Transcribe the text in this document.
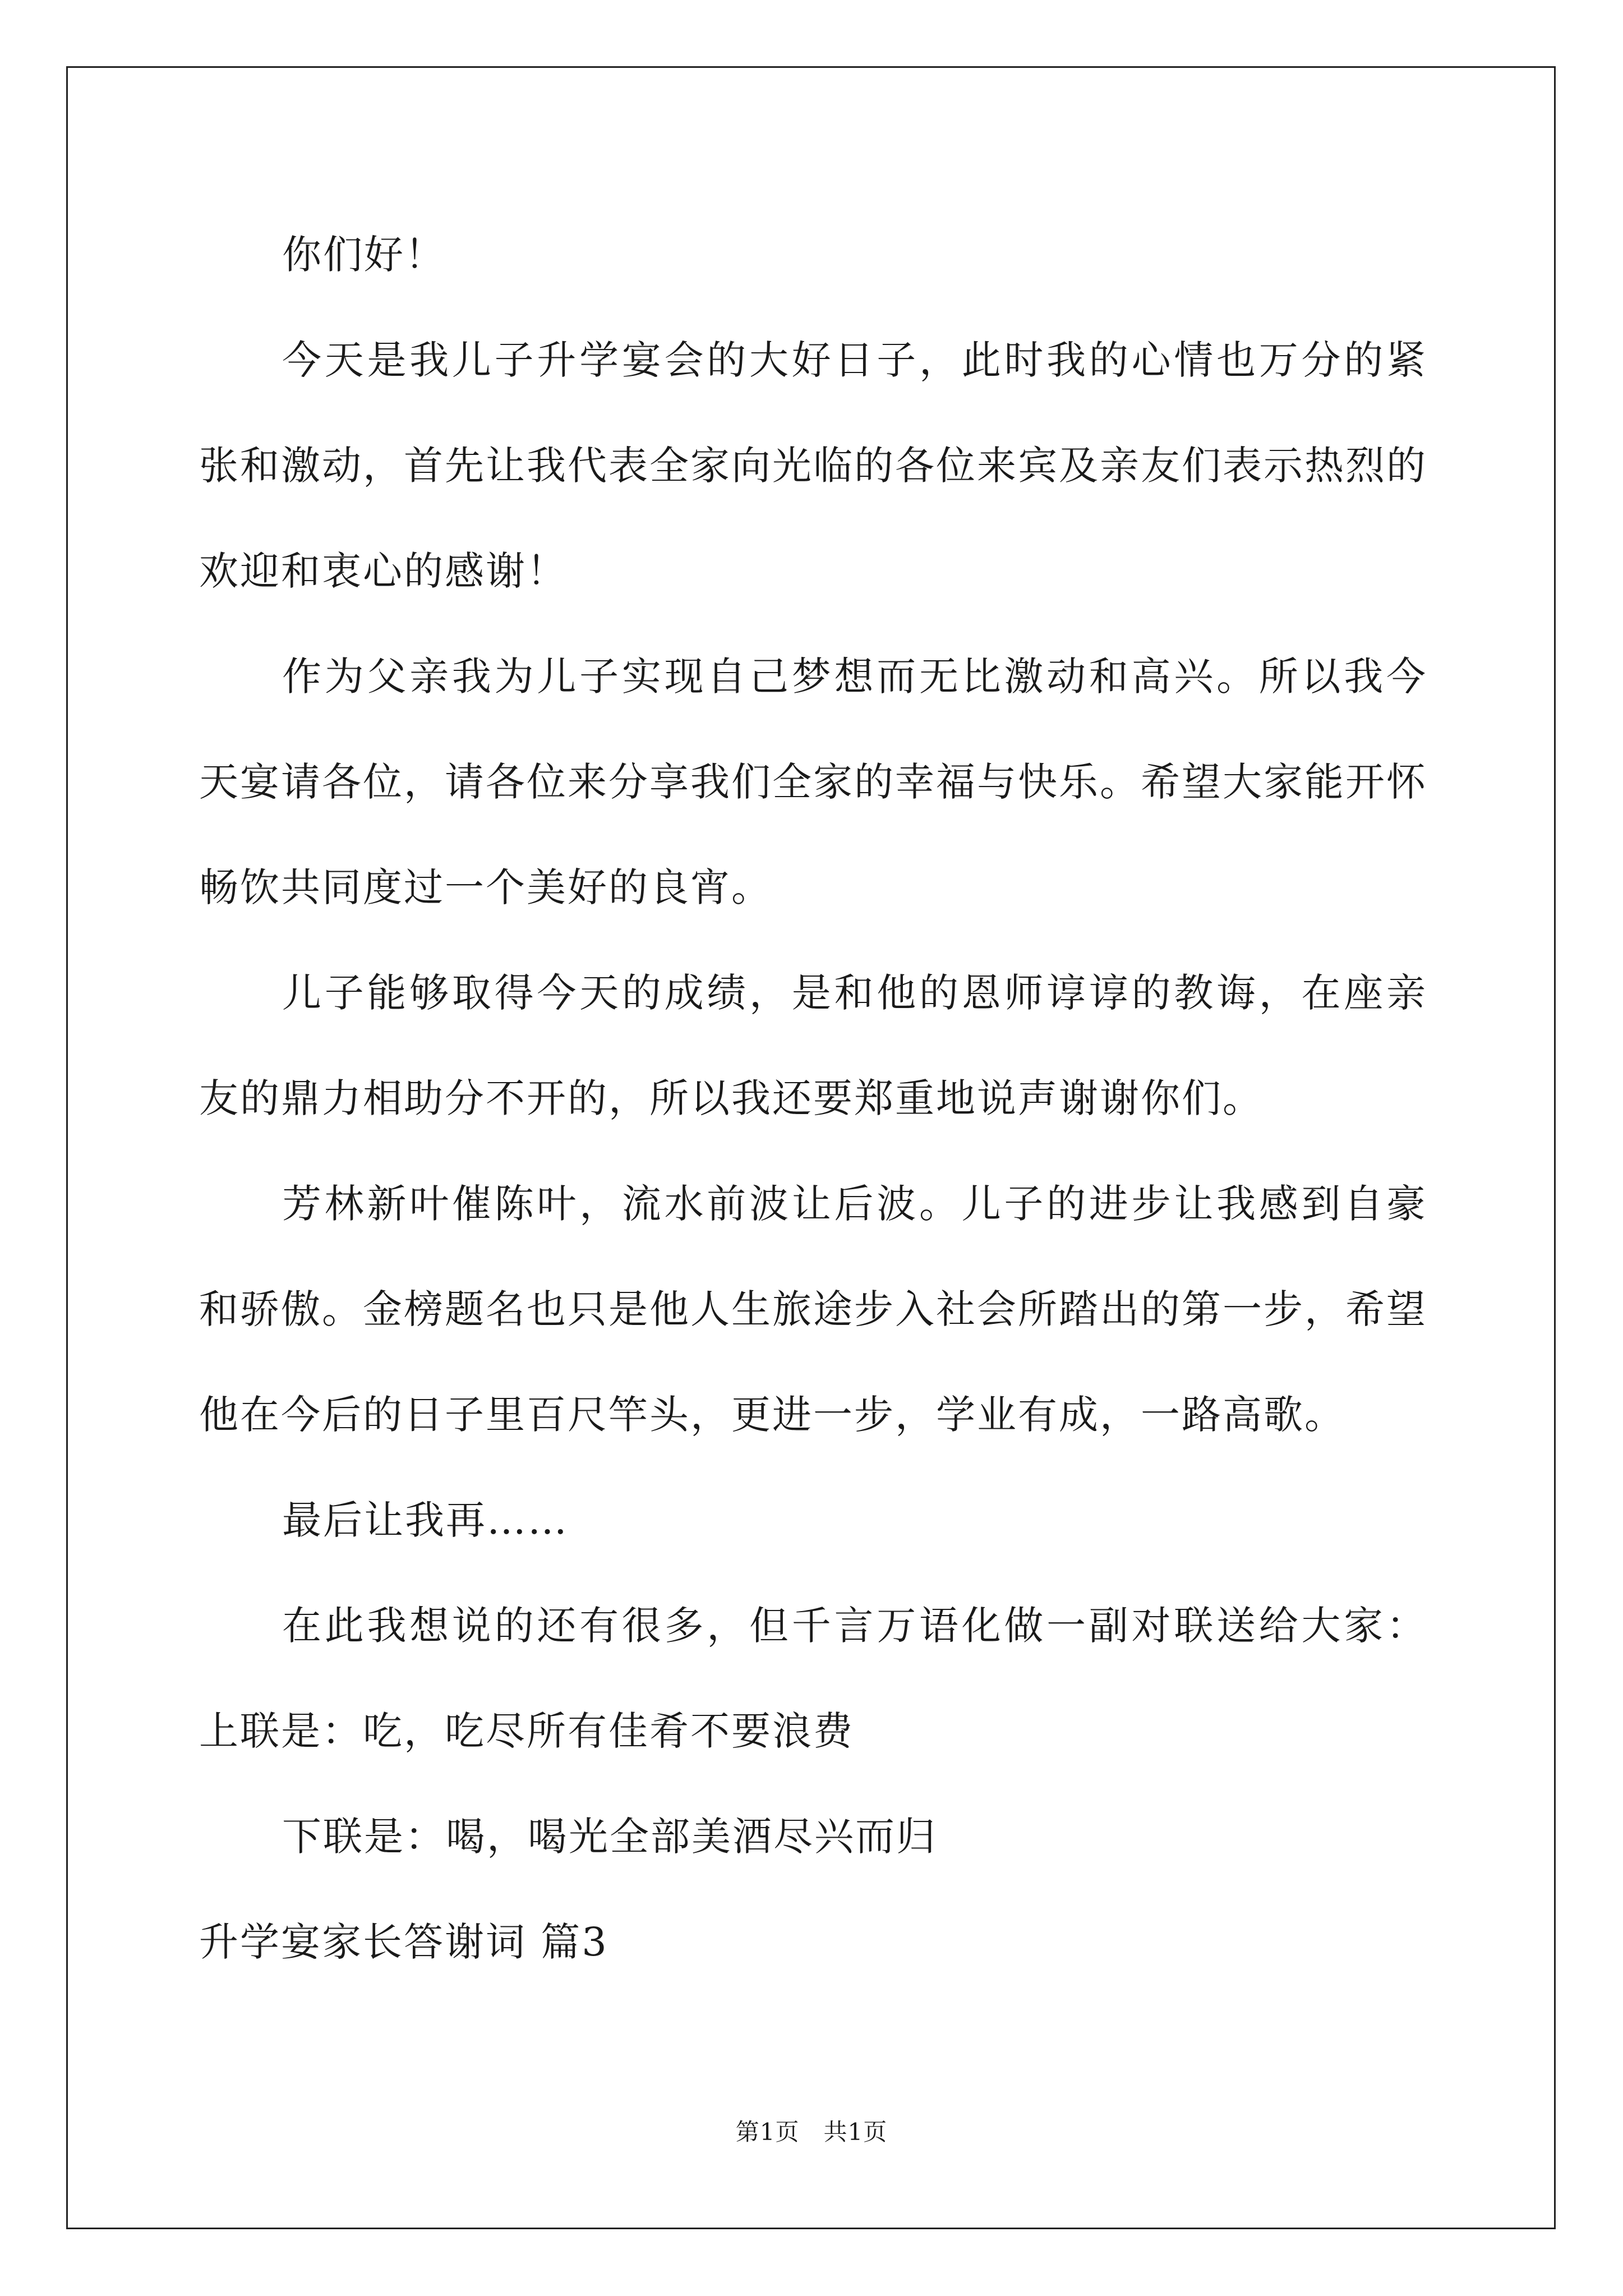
你们好！

今天是我儿子升学宴会的大好日子，此时我的心情也万分的紧张和激动，首先让我代表全家向光临的各位来宾及亲友们表示热烈的欢迎和衷心的感谢！

作为父亲我为儿子实现自己梦想而无比激动和高兴。所以我今天宴请各位，请各位来分享我们全家的幸福与快乐。希望大家能开怀畅饮共同度过一个美好的良宵。

儿子能够取得今天的成绩，是和他的恩师谆谆的教诲，在座亲友的鼎力相助分不开的，所以我还要郑重地说声谢谢你们。

芳林新叶催陈叶，流水前波让后波。儿子的进步让我感到自豪和骄傲。金榜题名也只是他人生旅途步入社会所踏出的第一步，希望他在今后的日子里百尺竿头，更进一步，学业有成，一路高歌。

最后让我再……

在此我想说的还有很多，但千言万语化做一副对联送给大家：上联是：吃，吃尽所有佳肴不要浪费

下联是：喝，喝光全部美酒尽兴而归

升学宴家长答谢词 篇3

第1页　共1页
